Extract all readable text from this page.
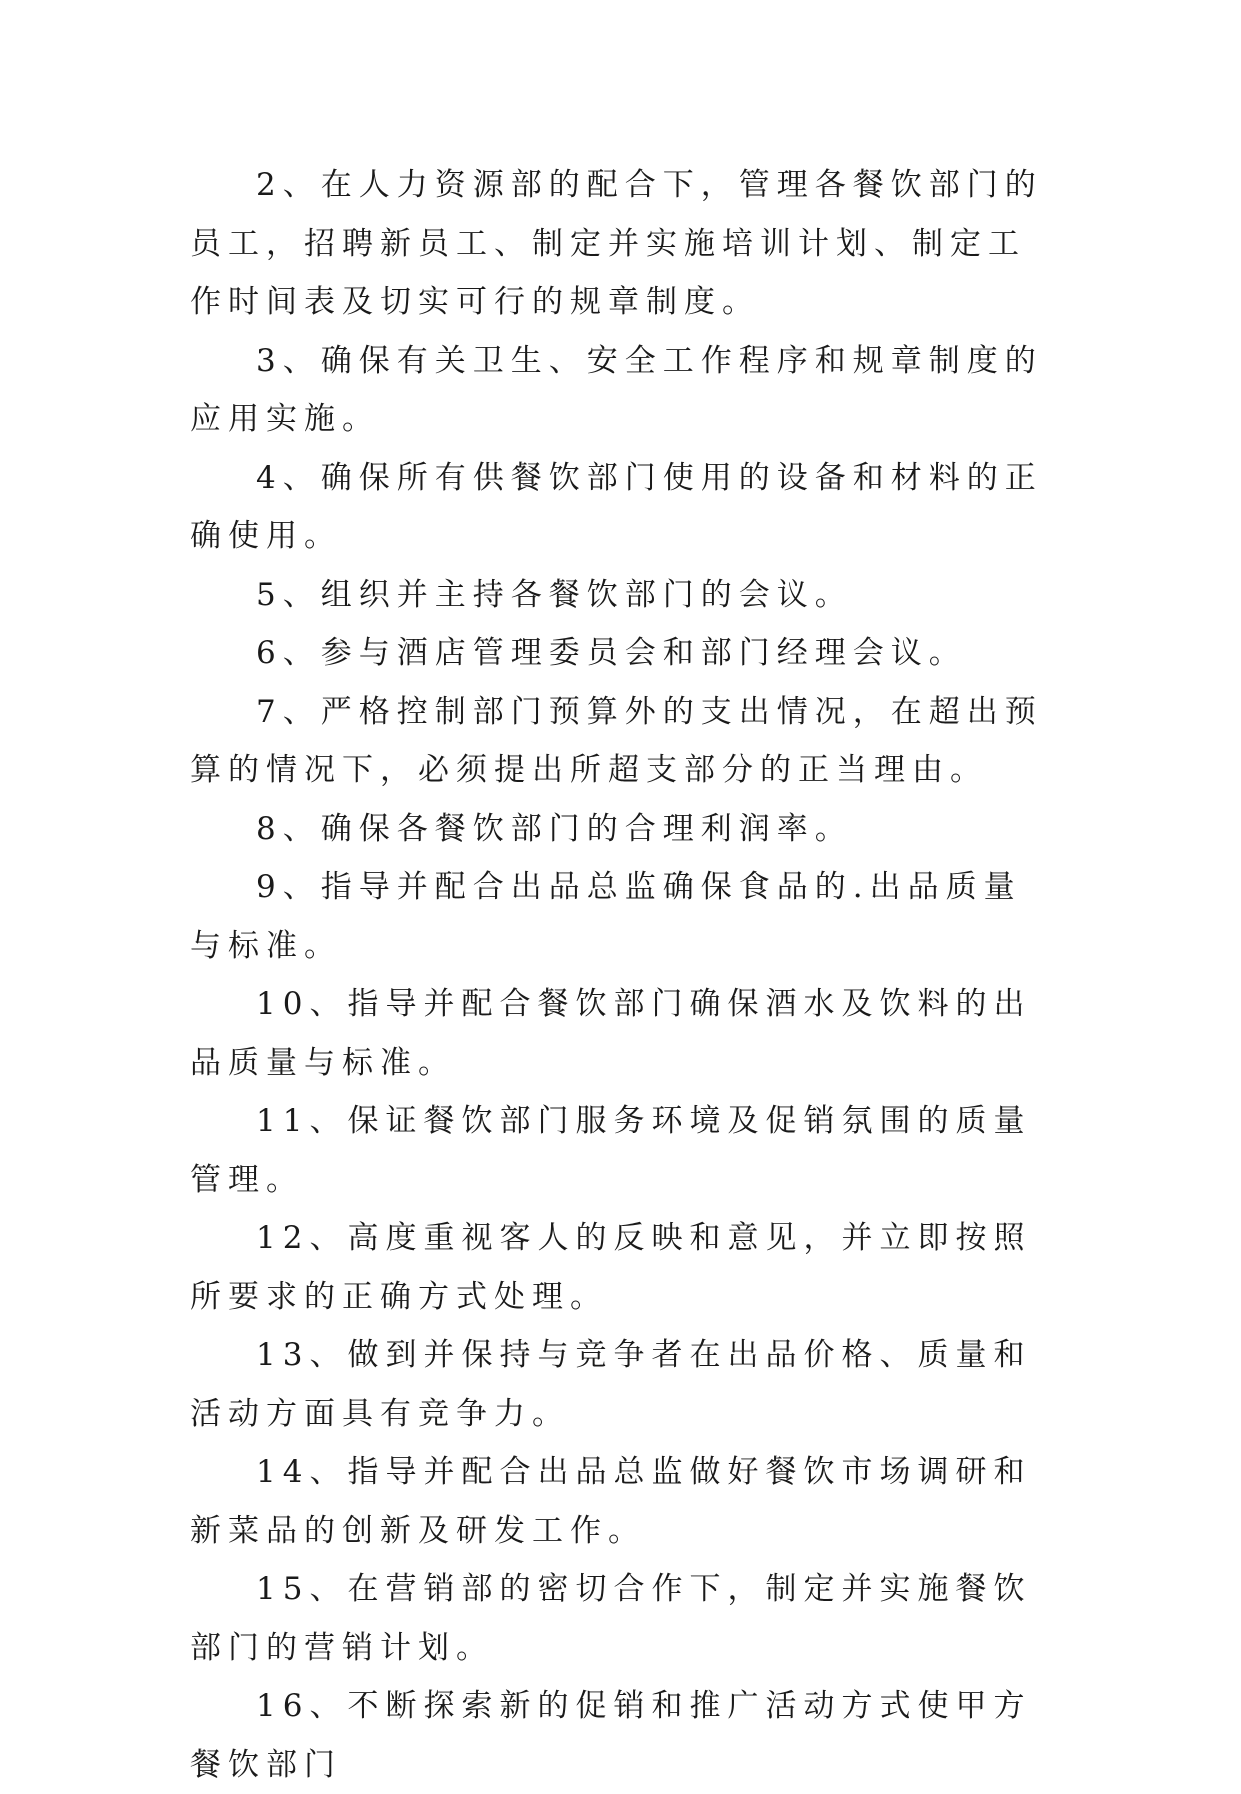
2、在人力资源部的配合下，管理各餐饮部门的员工，招聘新员工、制定并实施培训计划、制定工作时间表及切实可行的规章制度。

3、确保有关卫生、安全工作程序和规章制度的应用实施。

4、确保所有供餐饮部门使用的设备和材料的正确使用。

5、组织并主持各餐饮部门的会议。

6、参与酒店管理委员会和部门经理会议。

7、严格控制部门预算外的支出情况，在超出预算的情况下，必须提出所超支部分的正当理由。

8、确保各餐饮部门的合理利润率。

9、指导并配合出品总监确保食品的.出品质量与标准。

10、指导并配合餐饮部门确保酒水及饮料的出品质量与标准。

11、保证餐饮部门服务环境及促销氛围的质量管理。

12、高度重视客人的反映和意见，并立即按照所要求的正确方式处理。

13、做到并保持与竞争者在出品价格、质量和活动方面具有竞争力。

14、指导并配合出品总监做好餐饮市场调研和新菜品的创新及研发工作。

15、在营销部的密切合作下，制定并实施餐饮部门的营销计划。

16、不断探索新的促销和推广活动方式使甲方餐饮部门
